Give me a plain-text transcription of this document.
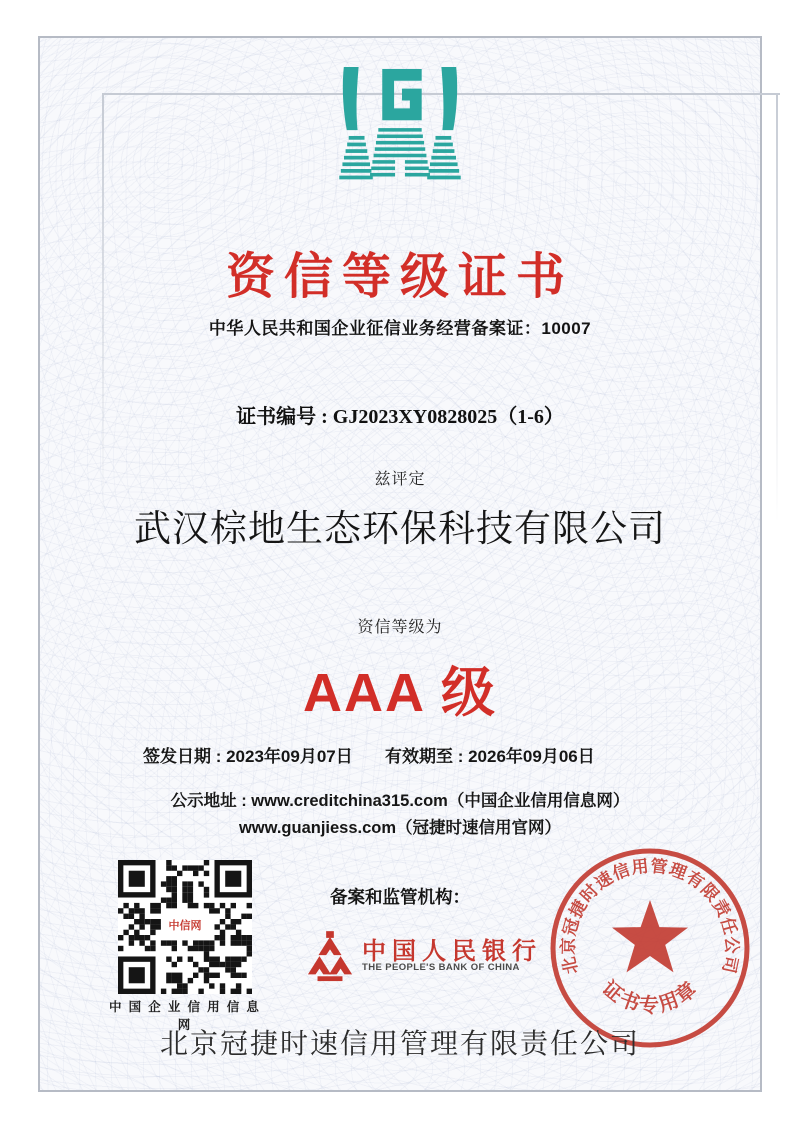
资信等级证书
中华人民共和国企业征信业务经营备案证：10007
证书编号 : GJ2023XY0828025（1-6）
兹评定
武汉棕地生态环保科技有限公司
资信等级为
AAA 级
签发日期 : 2023年09月07日 有效期至 : 2026年09月06日
公示地址 : www.creditchina315.com（中国企业信用信息网）
www.guanjiess.com（冠捷时速信用官网）
中信网
中 国 企 业 信 用 信 息 网
备案和监管机构：
中国人民银行
THE PEOPLE'S BANK OF CHINA 北京冠捷时速信用管理有限责任公司
证书专用章
北京冠捷时速信用管理有限责任公司
